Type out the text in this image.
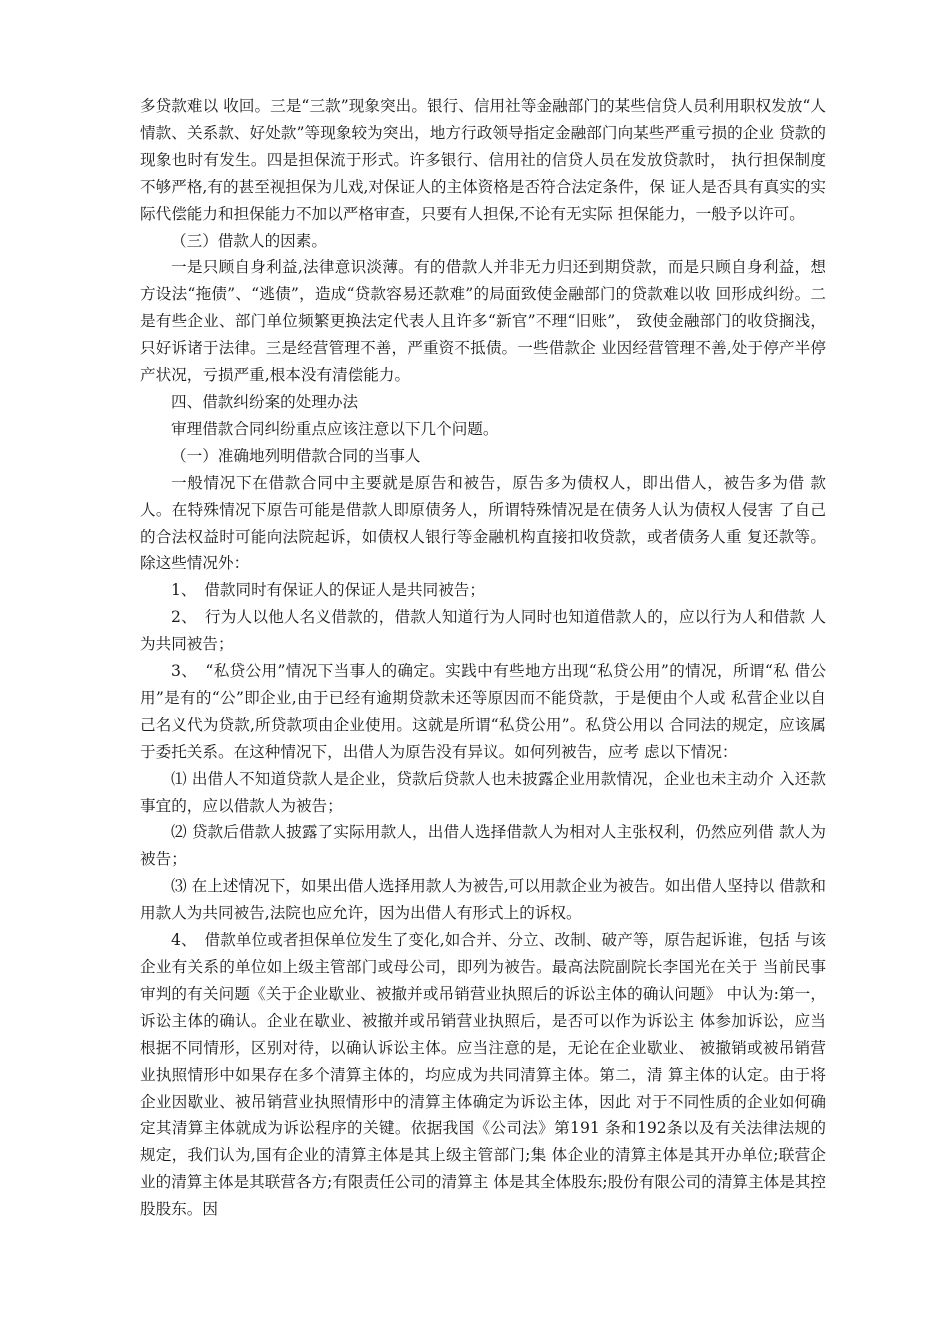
多贷款难以 收回。三是“三款”现象突出。银行、信用社等金融部门的某些信贷人员利用职权发放“人 情款、关系款、好处款”等现象较为突出，地方行政领导指定金融部门向某些严重亏损的企业 贷款的现象也时有发生。四是担保流于形式。许多银行、信用社的信贷人员在发放贷款时， 执行担保制度不够严格,有的甚至视担保为儿戏,对保证人的主体资格是否符合法定条件，保 证人是否具有真实的实际代偿能力和担保能力不加以严格审查，只要有人担保,不论有无实际 担保能力，一般予以许可。

（三）借款人的因素。

一是只顾自身利益,法律意识淡薄。有的借款人并非无力归还到期贷款，而是只顾自身利益，想方设法“拖债”、“逃债”，造成“贷款容易还款难”的局面致使金融部门的贷款难以收 回形成纠纷。二是有些企业、部门单位频繁更换法定代表人且许多“新官”不理“旧账”， 致使金融部门的收贷搁浅，只好诉诸于法律。三是经营管理不善，严重资不抵债。一些借款企 业因经营管理不善,处于停产半停产状况，亏损严重,根本没有清偿能力。

四、借款纠纷案的处理办法

审理借款合同纠纷重点应该注意以下几个问题。

（一）准确地列明借款合同的当事人

一般情况下在借款合同中主要就是原告和被告，原告多为债权人，即出借人，被告多为借 款人。在特殊情况下原告可能是借款人即原债务人，所谓特殊情况是在债务人认为债权人侵害 了自己的合法权益时可能向法院起诉，如债权人银行等金融机构直接扣收贷款，或者债务人重 复还款等。除这些情况外：

1、　借款同时有保证人的保证人是共同被告；

2、　行为人以他人名义借款的，借款人知道行为人同时也知道借款人的，应以行为人和借款 人为共同被告；

3、　“私贷公用”情况下当事人的确定。实践中有些地方出现“私贷公用”的情况，所谓“私 借公用”是有的“公”即企业,由于已经有逾期贷款未还等原因而不能贷款，于是便由个人或 私营企业以自己名义代为贷款,所贷款项由企业使用。这就是所谓“私贷公用”。私贷公用以 合同法的规定，应该属于委托关系。在这种情况下，出借人为原告没有异议。如何列被告，应考 虑以下情况：

⑴ 出借人不知道贷款人是企业，贷款后贷款人也未披露企业用款情况，企业也未主动介 入还款事宜的，应以借款人为被告；

⑵ 贷款后借款人披露了实际用款人，出借人选择借款人为相对人主张权利，仍然应列借 款人为被告；

⑶ 在上述情况下，如果出借人选择用款人为被告,可以用款企业为被告。如出借人坚持以 借款和用款人为共同被告,法院也应允许，因为出借人有形式上的诉权。

4、　借款单位或者担保单位发生了变化,如合并、分立、改制、破产等，原告起诉谁，包括 与该企业有关系的单位如上级主管部门或母公司，即列为被告。最高法院副院长李国光在关于 当前民事审判的有关问题《关于企业歇业、被撤并或吊销营业执照后的诉讼主体的确认问题》 中认为:第一，诉讼主体的确认。企业在歇业、被撤并或吊销营业执照后，是否可以作为诉讼主 体参加诉讼，应当根据不同情形，区别对待，以确认诉讼主体。应当注意的是，无论在企业歇业、 被撤销或被吊销营业执照情形中如果存在多个清算主体的，均应成为共同清算主体。第二，清 算主体的认定。由于将企业因歇业、被吊销营业执照情形中的清算主体确定为诉讼主体，因此 对于不同性质的企业如何确定其清算主体就成为诉讼程序的关键。依据我国《公司法》第191 条和192条以及有关法律法规的规定，我们认为,国有企业的清算主体是其上级主管部门;集 体企业的清算主体是其开办单位;联营企业的清算主体是其联营各方;有限责任公司的清算主 体是其全体股东;股份有限公司的清算主体是其控股股东。因
